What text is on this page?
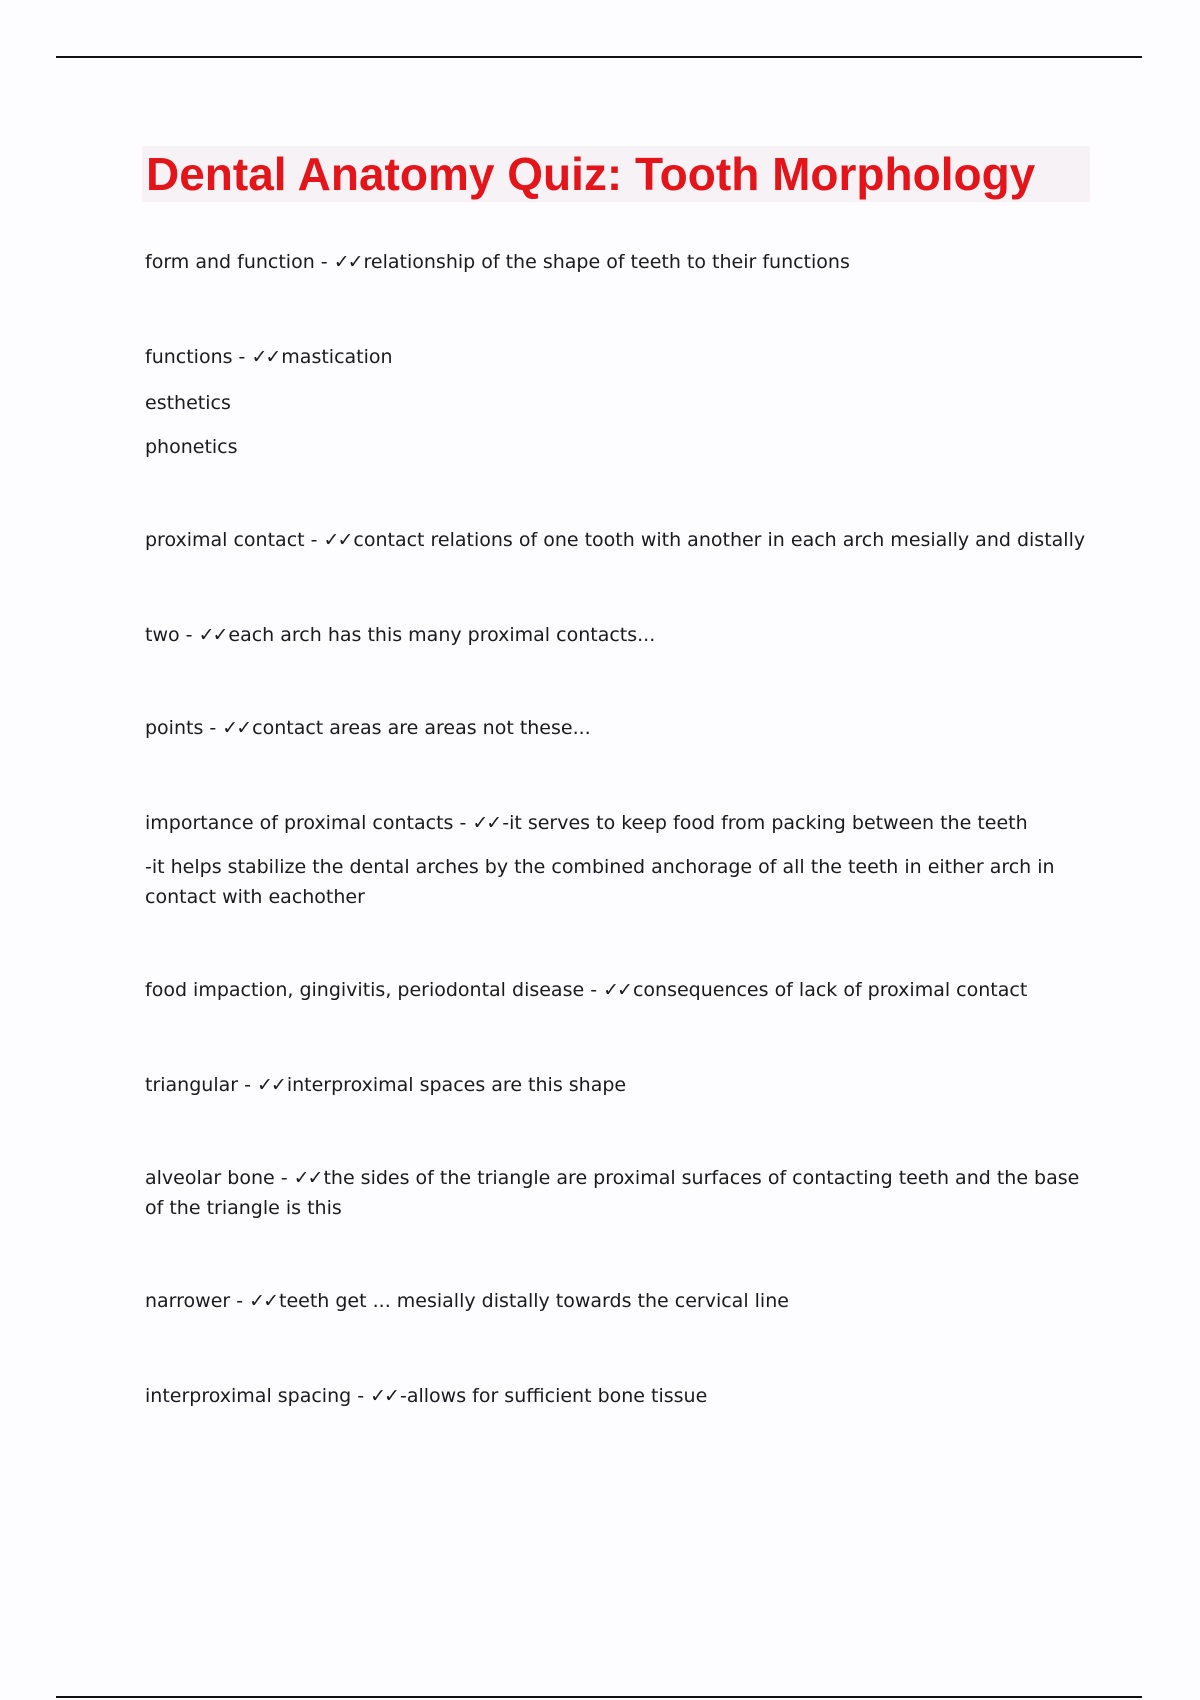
Dental Anatomy Quiz: Tooth Morphology

form and function - ✓✓ relationship of the shape of teeth to their functions

functions - ✓✓ mastication

esthetics

phonetics

proximal contact - ✓✓ contact relations of one tooth with another in each arch mesially and distally

two - ✓✓ each arch has this many proximal contacts...

points - ✓✓ contact areas are areas not these...

importance of proximal contacts - ✓✓ -it serves to keep food from packing between the teeth

-it helps stabilize the dental arches by the combined anchorage of all the teeth in either arch in contact with eachother

food impaction, gingivitis, periodontal disease - ✓✓ consequences of lack of proximal contact

triangular - ✓✓ interproximal spaces are this shape

alveolar bone - ✓✓ the sides of the triangle are proximal surfaces of contacting teeth and the base of the triangle is this

narrower - ✓✓ teeth get ... mesially distally towards the cervical line

interproximal spacing - ✓✓ -allows for sufficient bone tissue
